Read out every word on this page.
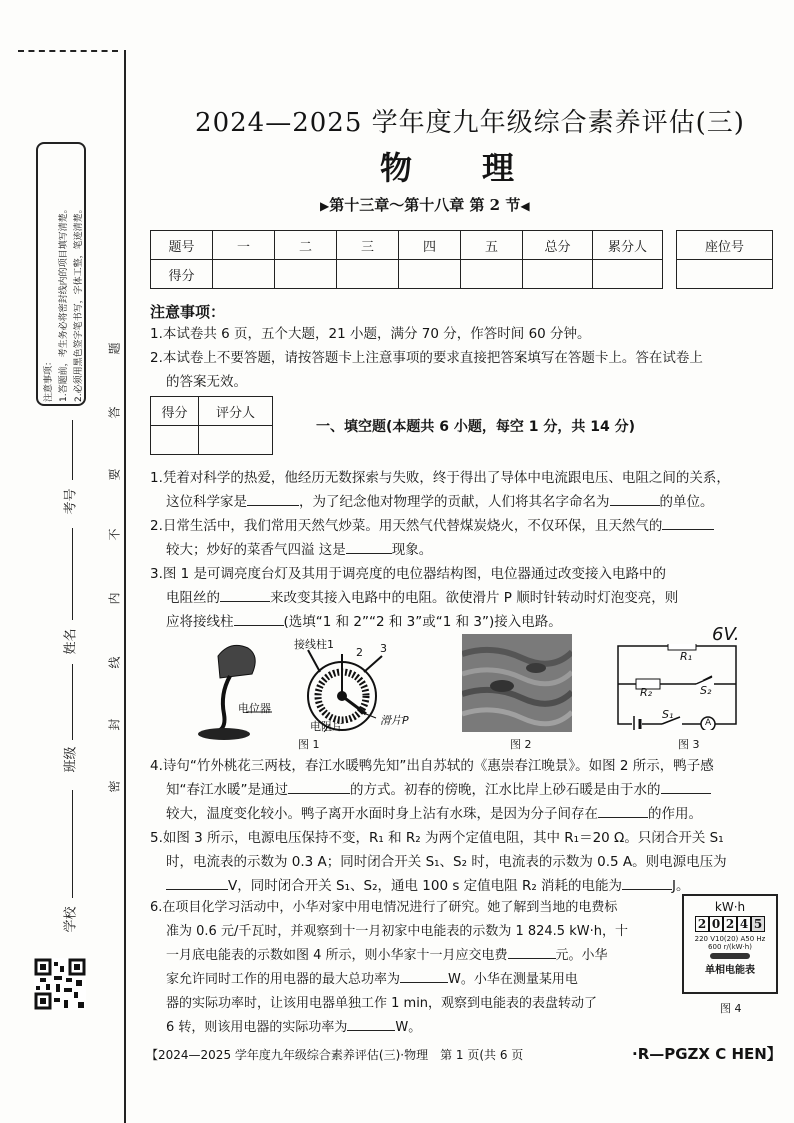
注意事项： 1.答题前，考生务必将密封线内的项目填写清楚。 2.必须用黑色签字笔书写，字体工整，笔迹清楚。 题
答
要
不
内
线
封
密
考号
姓名
班级
学校
2024—2025 学年度九年级综合素养评估(三)
物理
▶第十三章～第十八章 第 2 节◀
题号	一	二	三	四	五	总分	累分人
得分							
座位号

注意事项：
1.本试卷共 6 页，五个大题，21 小题，满分 70 分，作答时间 60 分钟。
2.本试卷上不要答题，请按答题卡上注意事项的要求直接把答案填写在答题卡上。答在试卷上
的答案无效。
得分	评分人

一、填空题(本题共 6 小题，每空 1 分，共 14 分)
1.凭着对科学的热爱，他经历无数探索与失败，终于得出了导体中电流跟电压、电阻之间的关系，
这位科学家是	，为了纪念他对物理学的贡献，人们将其名字命名为	的单位。
2.日常生活中，我们常用天然气炒菜。用天然气代替煤炭烧火，不仅环保，且天然气的
较大；炒好的菜香气四溢 这是	现象。
3.图 1 是可调亮度台灯及其用于调亮度的电位器结构图，电位器通过改变接入电路中的
电阻丝的	来改变其接入电路中的电阻。欲使滑片 P 顺时针转动时灯泡变亮，则
应将接线柱	(选填“1 和 2”“2 和 3”或“1 和 3”)接入电路。
电位器
接线柱1
2 3
电阻片	滑片P
图 1	图 2
R₁
R₂	S₂
S₁
A
6V.
图 3
4.诗句“竹外桃花三两枝，春江水暖鸭先知”出自苏轼的《惠崇春江晚景》。如图 2 所示，鸭子感
知“春江水暖”是通过	的方式。初春的傍晚，江水比岸上砂石暖是由于水的
较大，温度变化较小。鸭子离开水面时身上沾有水珠，是因为分子间存在	的作用。
5.如图 3 所示，电源电压保持不变，R₁ 和 R₂ 为两个定值电阻，其中 R₁＝20 Ω。只闭合开关 S₁
时，电流表的示数为 0.3 A；同时闭合开关 S₁、S₂ 时，电流表的示数为 0.5 A。则电源电压为
V，同时闭合开关 S₁、S₂，通电 100 s 定值电阻 R₂ 消耗的电能为	J。
6.在项目化学习活动中，小华对家中用电情况进行了研究。她了解到当地的电费标
准为 0.6 元/千瓦时，并观察到十一月初家中电能表的示数为 1 824.5 kW·h，十
一月底电能表的示数如图 4 所示，则小华家十一月应交电费	元。小华
家允许同时工作的用电器的最大总功率为	W。小华在测量某用电
器的实际功率时，让该用电器单独工作 1 min，观察到电能表的表盘转动了
6 转，则该用电器的实际功率为	W。
kW·h
2 0 2 4 5
220 V10(20) A50 Hz
600 r/(kW·h)
单相电能表
图 4
【2024—2025 学年度九年级综合素养评估(三)·物理　第 1 页(共 6 页	·R—PGZX C HEN】
